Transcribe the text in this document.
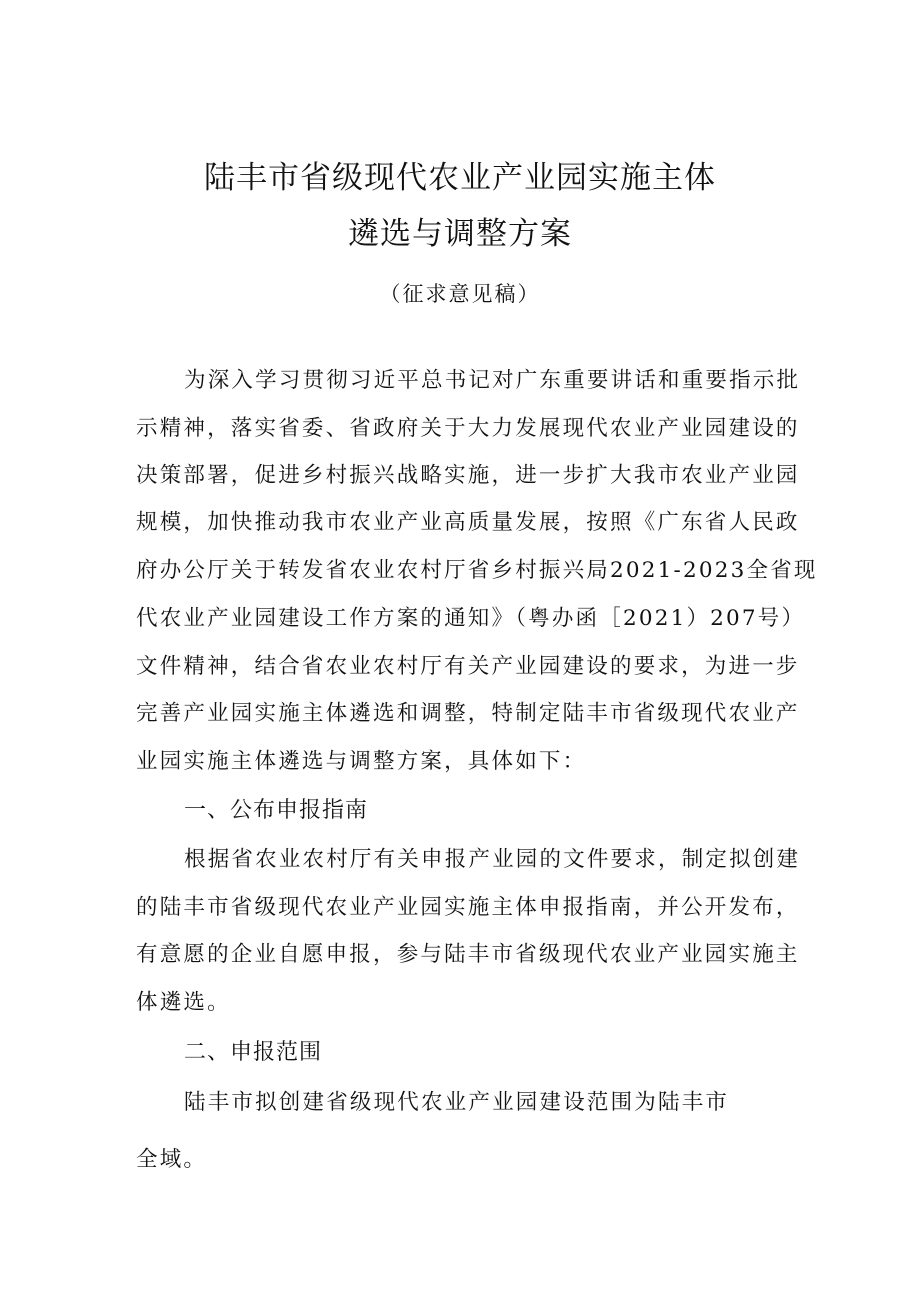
陆丰市省级现代农业产业园实施主体
遴选与调整方案
（征求意见稿）
为深入学习贯彻习近平总书记对广东重要讲话和重要指示批
示精神，落实省委、省政府关于大力发展现代农业产业园建设的
决策部署，促进乡村振兴战略实施，进一步扩大我市农业产业园
规模，加快推动我市农业产业高质量发展，按照《广东省人民政
府办公厅关于转发省农业农村厅省乡村振兴局2021-2023全省现
代农业产业园建设工作方案的通知》（粤办函［2021）207号）
文件精神，结合省农业农村厅有关产业园建设的要求，为进一步
完善产业园实施主体遴选和调整，特制定陆丰市省级现代农业产
业园实施主体遴选与调整方案，具体如下：
一、公布申报指南
根据省农业农村厅有关申报产业园的文件要求，制定拟创建
的陆丰市省级现代农业产业园实施主体申报指南，并公开发布，
有意愿的企业自愿申报，参与陆丰市省级现代农业产业园实施主
体遴选。
二、申报范围
陆丰市拟创建省级现代农业产业园建设范围为陆丰市
全域。
